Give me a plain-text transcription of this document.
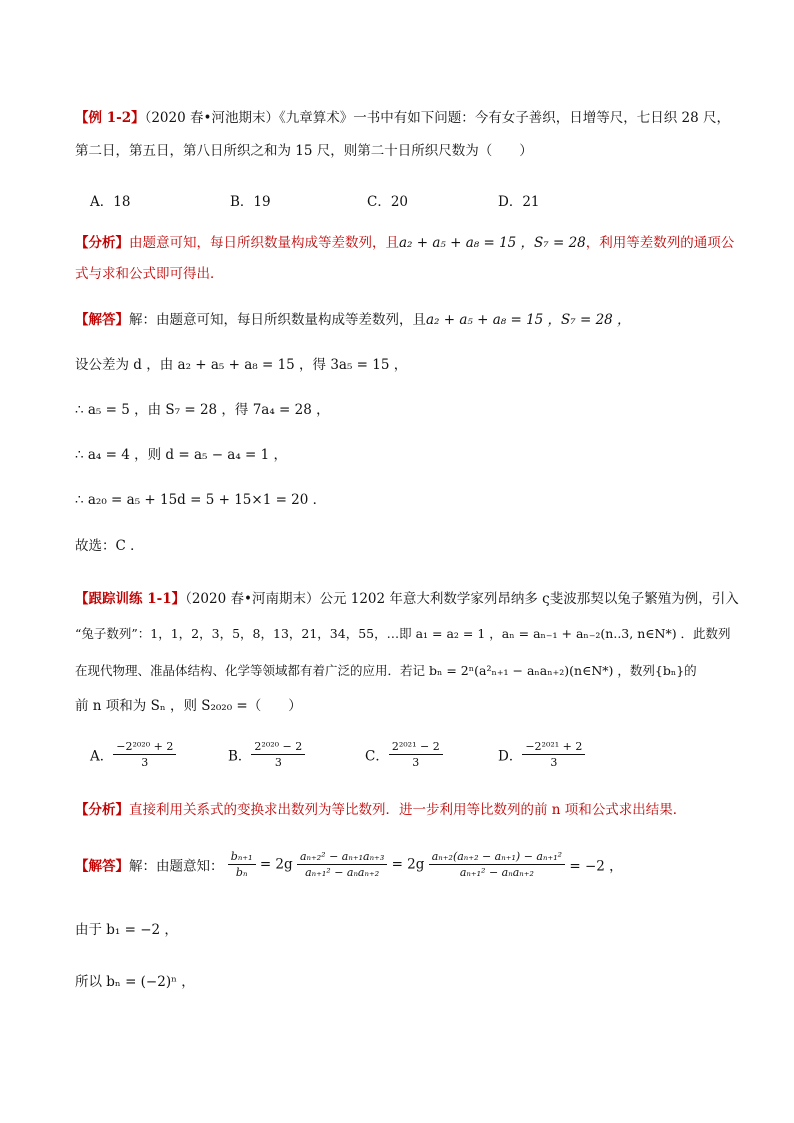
【例 1-2】（2020 春•河池期末）《九章算术》一书中有如下问题：今有女子善织，日增等尺，七日织 28 尺，
第二日，第五日，第八日所织之和为 15 尺，则第二十日所织尺数为（　　）
A．18	B．19	C．20	D．21
【分析】由题意可知，每日所织数量构成等差数列，且a₂ + a₅ + a₈ = 15 ，S₇ = 28，利用等差数列的通项公
式与求和公式即可得出．
【解答】解：由题意可知，每日所织数量构成等差数列，且a₂ + a₅ + a₈ = 15 ，S₇ = 28 ，
设公差为 d ，由 a₂ + a₅ + a₈ = 15 ，得 3a₅ = 15 ，
∴ a₅ = 5 ，由 S₇ = 28 ，得 7a₄ = 28 ，
∴ a₄ = 4 ，则 d = a₅ − a₄ = 1 ，
∴ a₂₀ = a₅ + 15d = 5 + 15×1 = 20 ．
故选：C ．
【跟踪训练 1-1】（2020 春•河南期末）公元 1202 年意大利数学家列昂纳多 ς斐波那契以兔子繁殖为例，引入
“兔子数列”：1，1，2，3，5，8，13，21，34，55，…即 a₁ = a₂ = 1 ，aₙ = aₙ₋₁ + aₙ₋₂(n..3, n∈N*) ．此数列
在现代物理、准晶体结构、化学等领域都有着广泛的应用．若记 bₙ = 2ⁿ(a²ₙ₊₁ − aₙaₙ₊₂)(n∈N*) ，数列{bₙ}的
前 n 项和为 Sₙ ，则 S₂₀₂₀ =（　　）
A． $\frac{\text{−2²⁰²⁰ + 2}}{3}$	B． $\frac{\text{2²⁰²⁰ − 2}}{3}$	C． $\frac{\text{2²⁰²¹ − 2}}{3}$	D． $\frac{\text{−2²⁰²¹ + 2}}{3}$
【分析】直接利用关系式的变换求出数列为等比数列．进一步利用等比数列的前 n 项和公式求出结果．
【解答】解：由题意知： $\frac{\text{bₙ₊₁}}{\text{bₙ}} = 2g \frac{\text{aₙ₊₂² − aₙ₊₁aₙ₊₃}}{\text{aₙ₊₁² − aₙaₙ₊₂}} = 2g \frac{\text{aₙ₊₂(aₙ₊₂ − aₙ₊₁) − aₙ₊₁²}}{\text{aₙ₊₁² − aₙaₙ₊₂}} = -2$ ，
由于 b₁ = −2 ，
所以 bₙ = (−2)ⁿ ，
